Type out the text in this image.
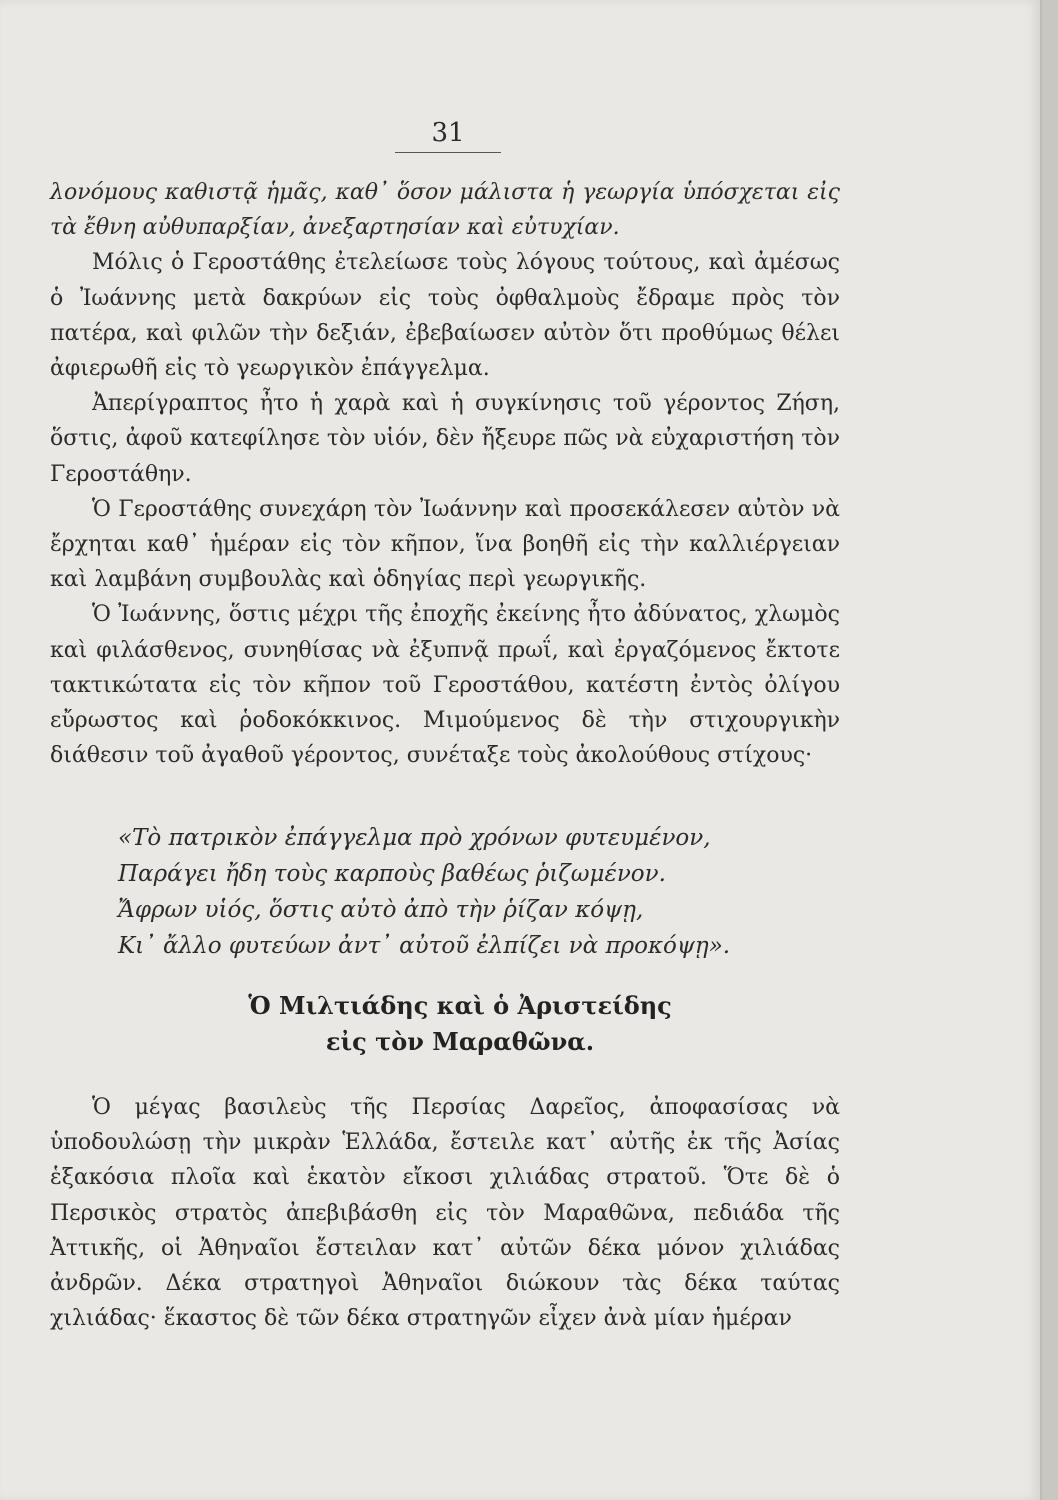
31

λονόμους καθιστᾷ ἡμᾶς, καθ᾽ ὅσον μάλιστα ἡ γεωργία ὑπόσχεται εἰς τὰ ἔθνη αὐθυπαρξίαν, ἀνεξαρτησίαν καὶ εὐτυχίαν.

Μόλις ὁ Γεροστάθης ἐτελείωσε τοὺς λόγους τούτους, καὶ ἀμέσως ὁ Ἰωάννης μετὰ δακρύων εἰς τοὺς ὀφθαλμοὺς ἔδραμε πρὸς τὸν πατέρα, καὶ φιλῶν τὴν δεξιάν, ἐβεβαίωσεν αὐτὸν ὅτι προθύμως θέλει ἀφιερωθῆ εἰς τὸ γεωργικὸν ἐπάγγελμα.

Ἀπερίγραπτος ἦτο ἡ χαρὰ καὶ ἡ συγκίνησις τοῦ γέροντος Ζήση, ὅστις, ἀφοῦ κατεφίλησε τὸν υἱόν, δὲν ἤξευρε πῶς νὰ εὐχαριστήση τὸν Γεροστάθην.

Ὁ Γεροστάθης συνεχάρη τὸν Ἰωάννην καὶ προσεκάλεσεν αὐτὸν νὰ ἔρχηται καθ᾽ ἡμέραν εἰς τὸν κῆπον, ἵνα βοηθῆ εἰς τὴν καλλιέργειαν καὶ λαμβάνη συμβουλὰς καὶ ὁδηγίας περὶ γεωργικῆς.

Ὁ Ἰωάννης, ὅστις μέχρι τῆς ἐποχῆς ἐκείνης ἦτο ἀδύνατος, χλωμὸς καὶ φιλάσθενος, συνηθίσας νὰ ἐξυπνᾷ πρωΐ, καὶ ἐργαζόμενος ἔκτοτε τακτικώτατα εἰς τὸν κῆπον τοῦ Γεροστάθου, κατέστη ἐντὸς ὀλίγου εὔρωστος καὶ ῥοδοκόκκινος. Μιμούμενος δὲ τὴν στιχουργικὴν διάθεσιν τοῦ ἀγαθοῦ γέροντος, συνέταξε τοὺς ἀκολούθους στίχους·

«Τὸ πατρικὸν ἐπάγγελμα πρὸ χρόνων φυτευμένον,
Παράγει ἤδη τοὺς καρποὺς βαθέως ῥιζωμένον.
Ἄφρων υἱός, ὅστις αὐτὸ ἀπὸ τὴν ῥίζαν κόψῃ,
Κι᾽ ἄλλο φυτεύων ἀντ᾽ αὐτοῦ ἐλπίζει νὰ προκόψῃ».
Ὁ Μιλτιάδης καὶ ὁ Ἀριστείδης
εἰς τὸν Μαραθῶνα.

Ὁ μέγας βασιλεὺς τῆς Περσίας Δαρεῖος, ἀποφασίσας νὰ ὑποδουλώσῃ τὴν μικρὰν Ἑλλάδα, ἔστειλε κατ᾽ αὐτῆς ἐκ τῆς Ἀσίας ἑξακόσια πλοῖα καὶ ἑκατὸν εἴκοσι χιλιάδας στρατοῦ. Ὅτε δὲ ὁ Περσικὸς στρατὸς ἀπεβιβάσθη εἰς τὸν Μαραθῶνα, πεδιάδα τῆς Ἀττικῆς, οἱ Ἀθηναῖοι ἔστειλαν κατ᾽ αὐτῶν δέκα μόνον χιλιάδας ἀνδρῶν. Δέκα στρατηγοὶ Ἀθηναῖοι διώκουν τὰς δέκα ταύτας χιλιάδας· ἕκαστος δὲ τῶν δέκα στρατηγῶν εἶχεν ἀνὰ μίαν ἡμέραν
